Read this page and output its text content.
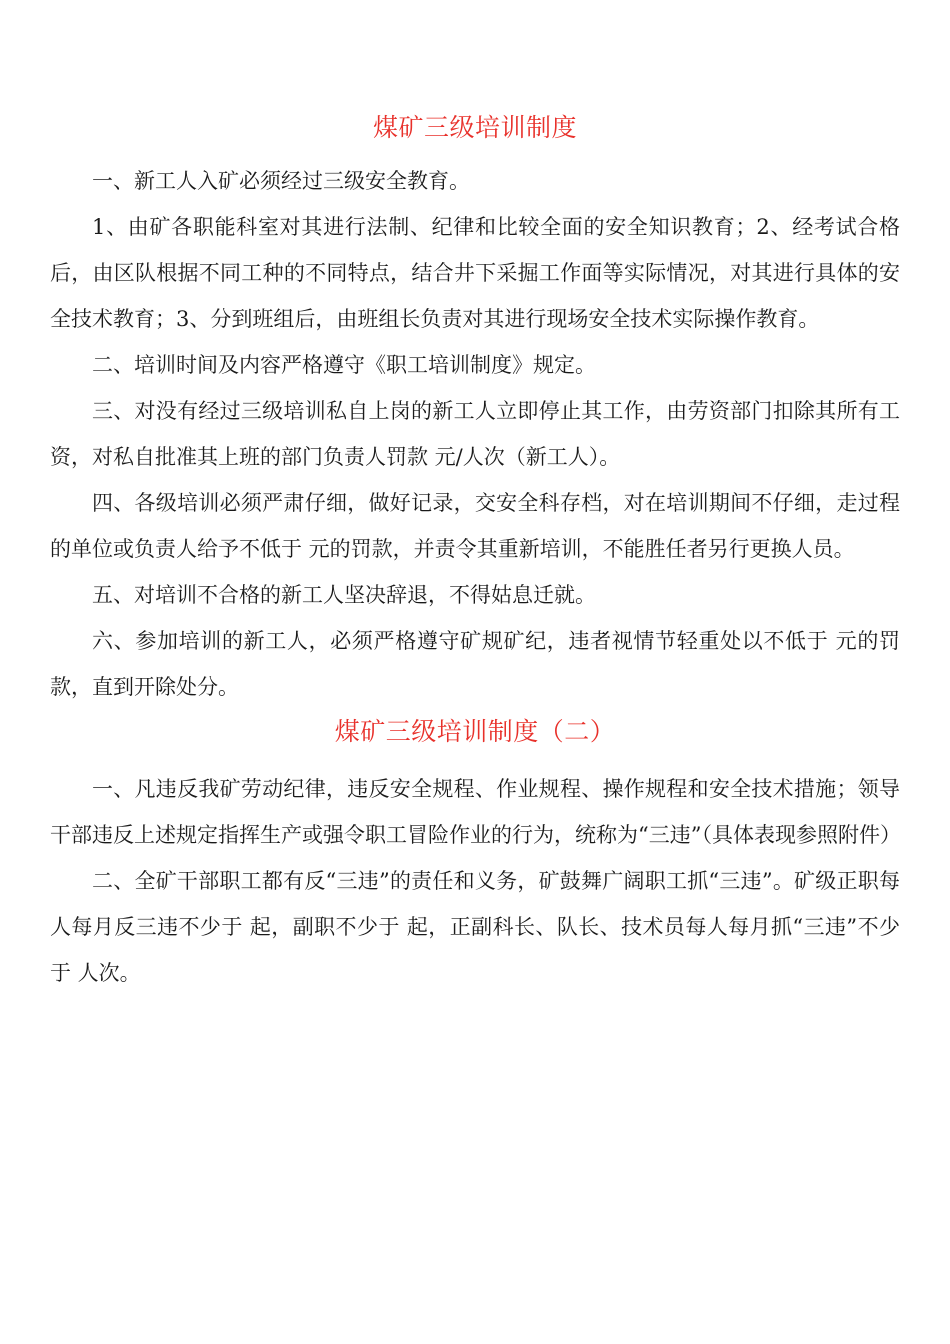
煤矿三级培训制度

一、新工人入矿必须经过三级安全教育。

1、由矿各职能科室对其进行法制、纪律和比较全面的安全知识教育；2、经考试合格后，由区队根据不同工种的不同特点，结合井下采掘工作面等实际情况，对其进行具体的安全技术教育；3、分到班组后，由班组长负责对其进行现场安全技术实际操作教育。

二、培训时间及内容严格遵守《职工培训制度》规定。

三、对没有经过三级培训私自上岗的新工人立即停止其工作，由劳资部门扣除其所有工资，对私自批准其上班的部门负责人罚款 元/人次（新工人）。

四、各级培训必须严肃仔细，做好记录，交安全科存档，对在培训期间不仔细，走过程的单位或负责人给予不低于 元的罚款，并责令其重新培训，不能胜任者另行更换人员。

五、对培训不合格的新工人坚决辞退，不得姑息迁就。

六、参加培训的新工人，必须严格遵守矿规矿纪，违者视情节轻重处以不低于 元的罚款，直到开除处分。

煤矿三级培训制度（二）

一、凡违反我矿劳动纪律，违反安全规程、作业规程、操作规程和安全技术措施；领导干部违反上述规定指挥生产或强令职工冒险作业的行为，统称为“三违”（具体表现参照附件）

二、全矿干部职工都有反“三违”的责任和义务，矿鼓舞广阔职工抓“三违”。矿级正职每人每月反三违不少于 起，副职不少于 起，正副科长、队长、技术员每人每月抓“三违”不少于 人次。
